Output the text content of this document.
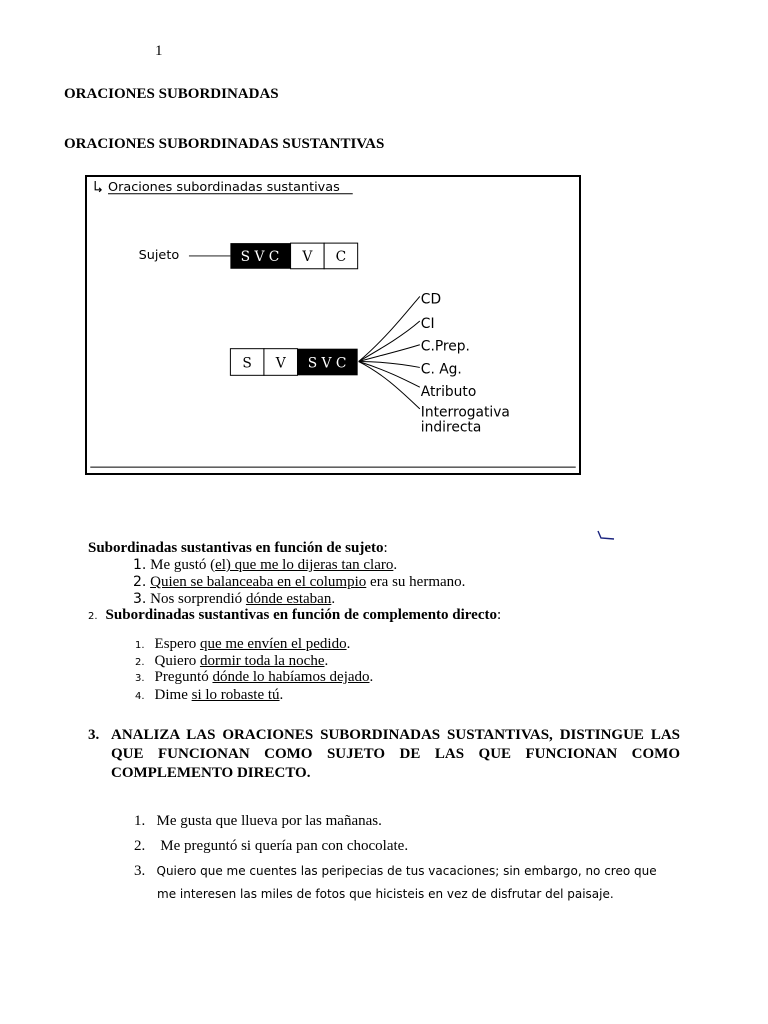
1
ORACIONES SUBORDINADAS
ORACIONES SUBORDINADAS SUSTANTIVAS
Oraciones subordinadas sustantivas
Sujeto	S V C V C
S V S V C
CD
CI
C.Prep.
C. Ag.
Atributo
Interrogativa
indirecta
Subordinadas sustantivas en función de sujeto:
1. Me gustó (el) que me lo dijeras tan claro.
2. Quien se balanceaba en el columpio era su hermano.
3. Nos sorprendió dónde estaban.
2. Subordinadas sustantivas en función de complemento directo:
1. Espero que me envíen el pedido.
2. Quiero dormir toda la noche.
3. Preguntó dónde lo habíamos dejado.
4. Dime si lo robaste tú.
3. ANALIZA LAS ORACIONES SUBORDINADAS SUSTANTIVAS, DISTINGUE LAS QUE FUNCIONAN COMO SUJETO DE LAS QUE FUNCIONAN COMO COMPLEMENTO DIRECTO.
1. Me gusta que llueva por las mañanas.
2.    Me preguntó si quería pan con chocolate.
3. Quiero que me cuentes las peripecias de tus vacaciones; sin embargo, no creo que
me interesen las miles de fotos que hicisteis en vez de disfrutar del paisaje.
